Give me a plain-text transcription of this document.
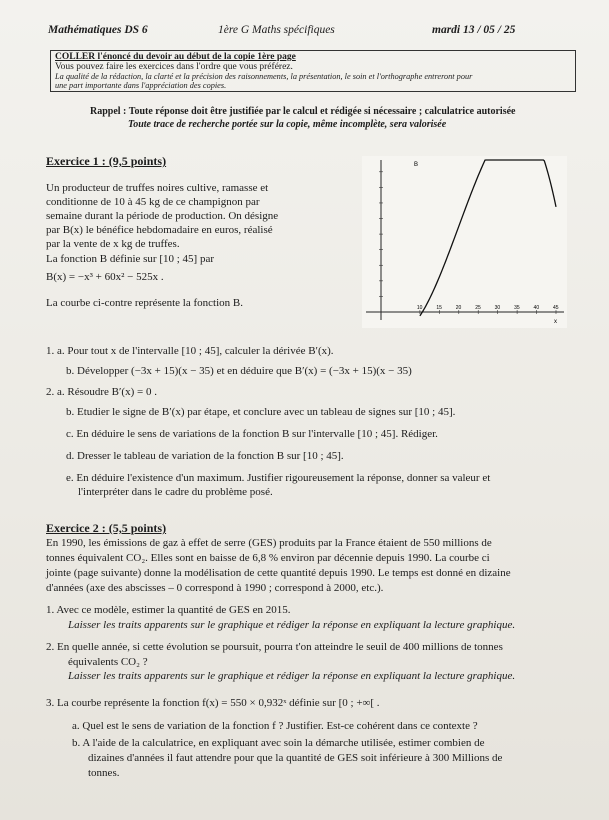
Mathématiques DS 6	1ère G Maths spécifiques	mardi 13 / 05 / 25
COLLER l'énoncé du devoir au début de la copie 1ère page
Vous pouvez faire les exercices dans l'ordre que vous préférez.
La qualité de la rédaction, la clarté et la précision des raisonnements, la présentation, le soin et l'orthographe entreront pour
une part importante dans l'appréciation des copies.
Rappel : Toute réponse doit être justifiée par le calcul et rédigée si nécessaire ; calculatrice autorisée
Toute trace de recherche portée sur la copie, même incomplète, sera valorisée
Exercice 1 : (9,5 points)
Un producteur de truffes noires cultive, ramasse et
conditionne de 10 à 45 kg de ce champignon par
semaine durant la période de production. On désigne
par B(x) le bénéfice hebdomadaire en euros, réalisé
par la vente de x kg de truffes.
La fonction B définie sur [10 ; 45] par
B(x) = −x³ + 60x² − 525x .
La courbe ci-contre représente la fonction B.	10	15	20	25	30	35	40	45
B
x
1. a. Pour tout x de l'intervalle [10 ; 45], calculer la dérivée B′(x).
b. Développer (−3x + 15)(x − 35) et en déduire que B′(x) = (−3x + 15)(x − 35)
2. a. Résoudre B′(x) = 0 .
b. Etudier le signe de B′(x) par étape, et conclure avec un tableau de signes sur [10 ; 45].
c. En déduire le sens de variations de la fonction B sur l'intervalle [10 ; 45]. Rédiger.
d. Dresser le tableau de variation de la fonction B sur [10 ; 45].
e. En déduire l'existence d'un maximum. Justifier rigoureusement la réponse, donner sa valeur et
l'interpréter dans le cadre du problème posé.
Exercice 2 : (5,5 points)
En 1990, les émissions de gaz à effet de serre (GES) produits par la France étaient de 550 millions de
tonnes équivalent CO₂. Elles sont en baisse de 6,8 % environ par décennie depuis 1990. La courbe ci
jointe (page suivante) donne la modélisation de cette quantité depuis 1990. Le temps est donné en dizaine
d'années (axe des abscisses – 0 correspond à 1990 ; correspond à 2000, etc.).
1. Avec ce modèle, estimer la quantité de GES en 2015.
Laisser les traits apparents sur le graphique et rédiger la réponse en expliquant la lecture graphique.
2. En quelle année, si cette évolution se poursuit, pourra t'on atteindre le seuil de 400 millions de tonnes
équivalents CO₂ ?
Laisser les traits apparents sur le graphique et rédiger la réponse en expliquant la lecture graphique.
3. La courbe représente la fonction f(x) = 550 × 0,932ˣ définie sur [0 ; +∞[ .
a. Quel est le sens de variation de la fonction f ? Justifier. Est-ce cohérent dans ce contexte ?
b. A l'aide de la calculatrice, en expliquant avec soin la démarche utilisée, estimer combien de
dizaines d'années il faut attendre pour que la quantité de GES soit inférieure à 300 Millions de
tonnes.
